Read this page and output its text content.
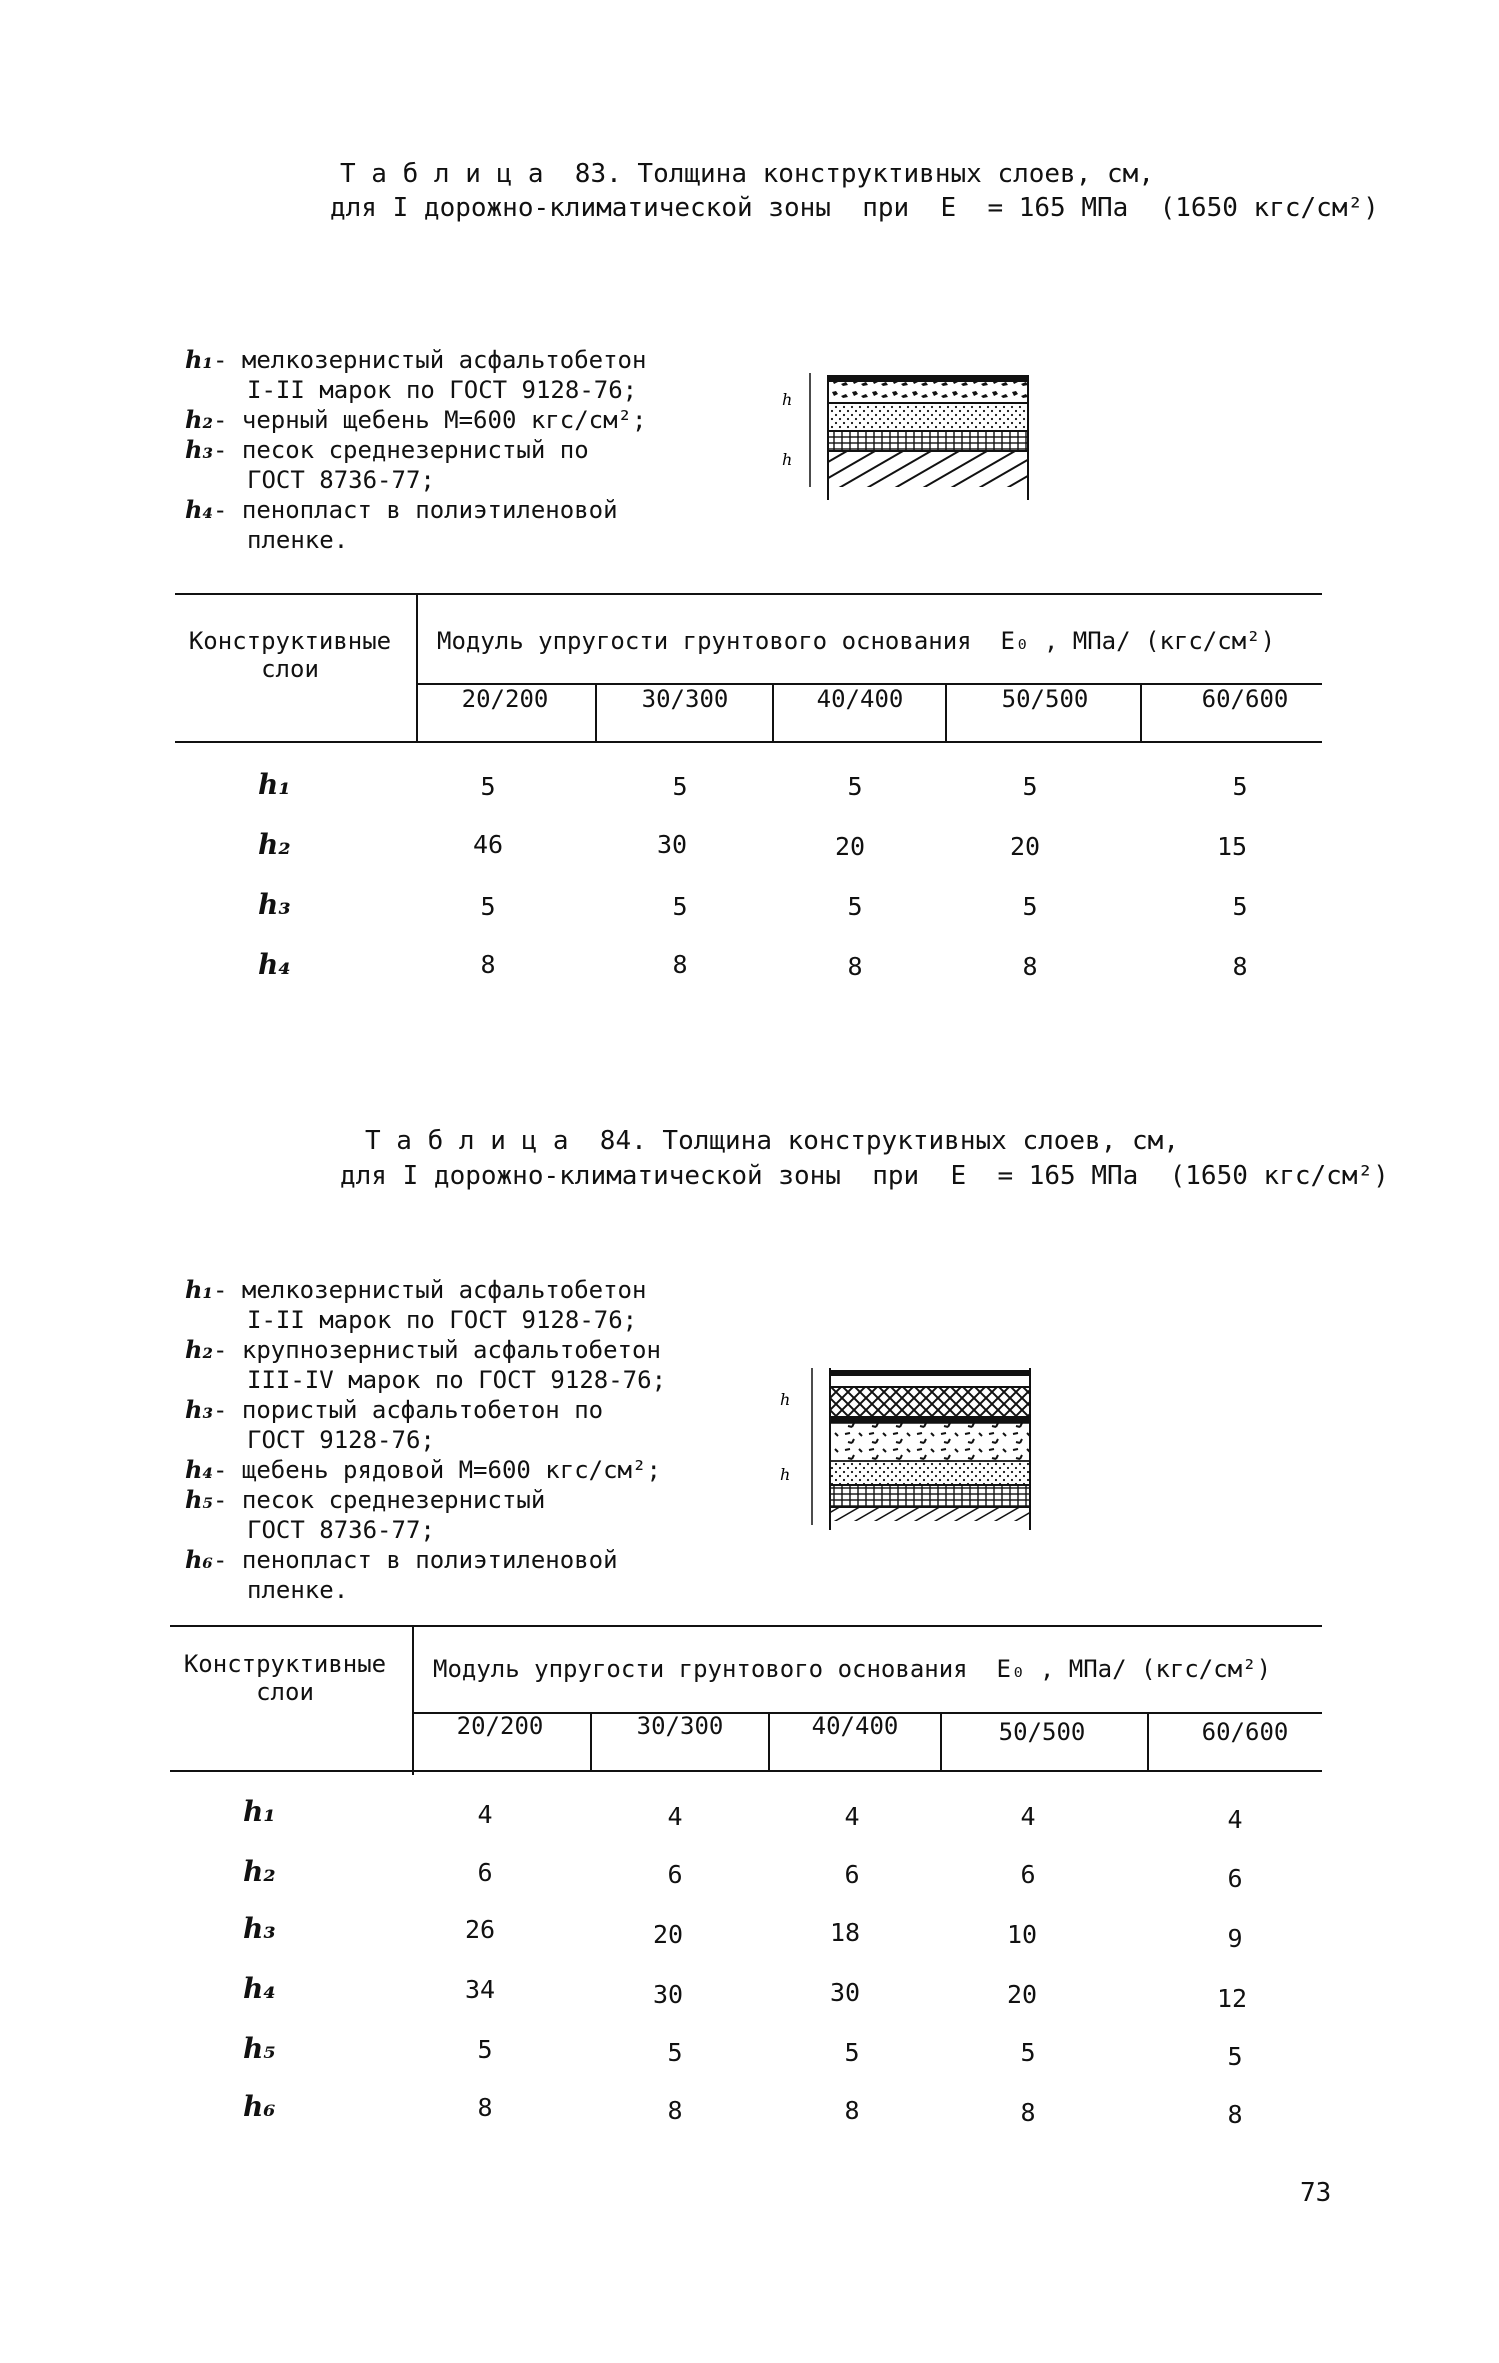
Т а б л и ц а  83. Толщина конструктивных слоев, см,
для I дорожно-климатической зоны  при  E  = 165 МПа  (1650 кгс/см²)
h₁- мелкозернистый асфальтобетон
I-II марок по ГОСТ 9128-76;
h₂- черный щебень М=600 кгс/см²;
h₃- песок среднезернистый по
ГОСТ 8736-77;
h₄- пенопласт в полиэтиленовой
пленке.
h
h
Конструктивные
слои
Модуль упругости грунтового основания  E₀ , МПа/ (кгс/см²)
20/200	30/300	40/400	50/500	60/600
h₁	5	5	5	5	5
h₂	46	30	20	20	15
h₃	5	5	5	5	5
h₄	8	8	8	8	8
Т а б л и ц а  84. Толщина конструктивных слоев, см,
для I дорожно-климатической зоны  при  E  = 165 МПа  (1650 кгс/см²)
h₁- мелкозернистый асфальтобетон
I-II марок по ГОСТ 9128-76;
h₂- крупнозернистый асфальтобетон
III-IV марок по ГОСТ 9128-76;
h₃- пористый асфальтобетон по
ГОСТ 9128-76;
h₄- щебень рядовой М=600 кгс/см²;
h₅- песок среднезернистый
ГОСТ 8736-77;
h₆- пенопласт в полиэтиленовой
пленке.
h
h
Конструктивные
слои
Модуль упругости грунтового основания  E₀ , МПа/ (кгс/см²)
20/200	30/300	40/400	50/500	60/600
h₁	4	4	4	4	4
h₂	6	6	6	6	6
h₃	26	20	18	10	9
h₄	34	30	30	20	12
h₅	5	5	5	5	5
h₆	8	8	8	8	8
73
